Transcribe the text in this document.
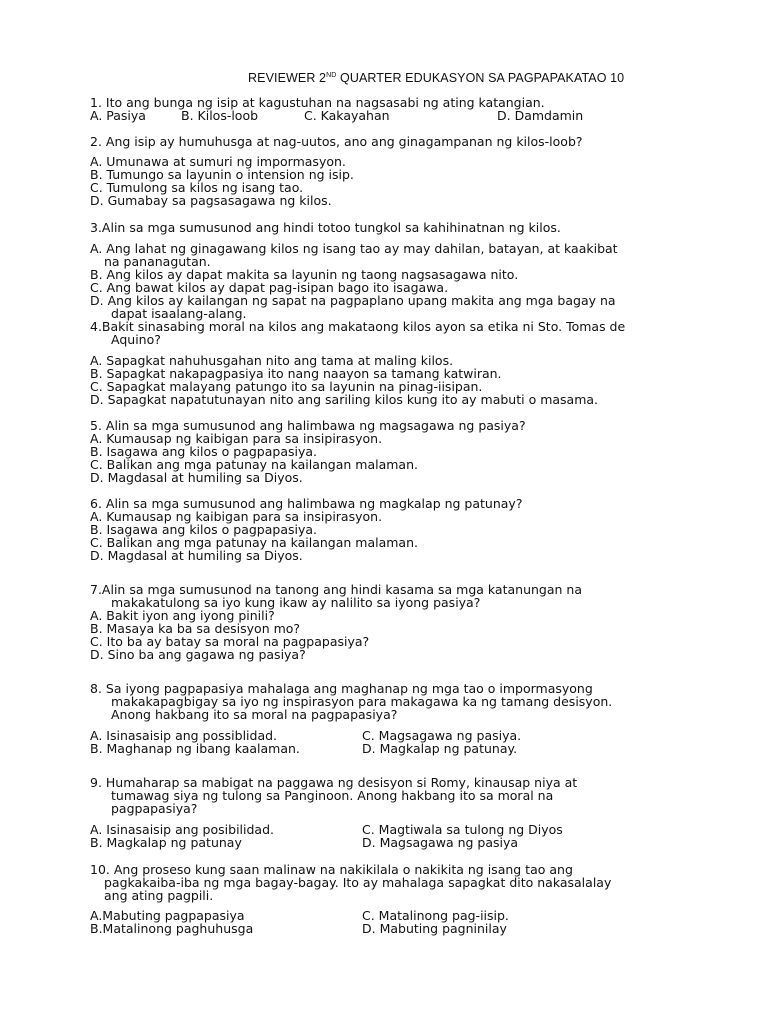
REVIEWER 2ND QUARTER EDUKASYON SA PAGPAPAKATAO 10
1. Ito ang bunga ng isip at kagustuhan na nagsasabi ng ating katangian.
A. Pasiya	B. Kilos-loob	C. Kakayahan	D. Damdamin
2. Ang isip ay humuhusga at nag-uutos, ano ang ginagampanan ng kilos-loob?
A. Umunawa at sumuri ng impormasyon.
B. Tumungo sa layunin o intension ng isip.
C. Tumulong sa kilos ng isang tao.
D. Gumabay sa pagsasagawa ng kilos.
3.Alin sa mga sumusunod ang hindi totoo tungkol sa kahihinatnan ng kilos.
A. Ang lahat ng ginagawang kilos ng isang tao ay may dahilan, batayan, at kaakibat
na pananagutan.
B. Ang kilos ay dapat makita sa layunin ng taong nagsasagawa nito.
C. Ang bawat kilos ay dapat pag-isipan bago ito isagawa.
D. Ang kilos ay kailangan ng sapat na pagpaplano upang makita ang mga bagay na
dapat isaalang-alang.
4.Bakit sinasabing moral na kilos ang makataong kilos ayon sa etika ni Sto. Tomas de
Aquino?
A. Sapagkat nahuhusgahan nito ang tama at maling kilos.
B. Sapagkat nakapagpasiya ito nang naayon sa tamang katwiran.
C. Sapagkat malayang patungo ito sa layunin na pinag-iisipan.
D. Sapagkat napatutunayan nito ang sariling kilos kung ito ay mabuti o masama.
5. Alin sa mga sumusunod ang halimbawa ng magsagawa ng pasiya?
A. Kumausap ng kaibigan para sa insipirasyon.
B. Isagawa ang kilos o pagpapasiya.
C. Balikan ang mga patunay na kailangan malaman.
D. Magdasal at humiling sa Diyos.
6. Alin sa mga sumusunod ang halimbawa ng magkalap ng patunay?
A. Kumausap ng kaibigan para sa insipirasyon.
B. Isagawa ang kilos o pagpapasiya.
C. Balikan ang mga patunay na kailangan malaman.
D. Magdasal at humiling sa Diyos.
7.Alin sa mga sumusunod na tanong ang hindi kasama sa mga katanungan na
makakatulong sa iyo kung ikaw ay nalilito sa iyong pasiya?
A. Bakit iyon ang iyong pinili?
B. Masaya ka ba sa desisyon mo?
C. Ito ba ay batay sa moral na pagpapasiya?
D. Sino ba ang gagawa ng pasiya?
8. Sa iyong pagpapasiya mahalaga ang maghanap ng mga tao o impormasyong
makakapagbigay sa iyo ng inspirasyon para makagawa ka ng tamang desisyon.
Anong hakbang ito sa moral na pagpapasiya?
A. Isinasaisip ang possiblidad.	C. Magsagawa ng pasiya.
B. Maghanap ng ibang kaalaman.	D. Magkalap ng patunay.
9. Humaharap sa mabigat na paggawa ng desisyon si Romy, kinausap niya at
tumawag siya ng tulong sa Panginoon. Anong hakbang ito sa moral na
pagpapasiya?
A. Isinasaisip ang posibilidad.	C. Magtiwala sa tulong ng Diyos
B. Magkalap ng patunay	D. Magsagawa ng pasiya
10. Ang proseso kung saan malinaw na nakikilala o nakikita ng isang tao ang
pagkakaiba-iba ng mga bagay-bagay. Ito ay mahalaga sapagkat dito nakasalalay
ang ating pagpili.
A.Mabuting pagpapasiya	C. Matalinong pag-iisip.
B.Matalinong paghuhusga	D. Mabuting pagninilay
